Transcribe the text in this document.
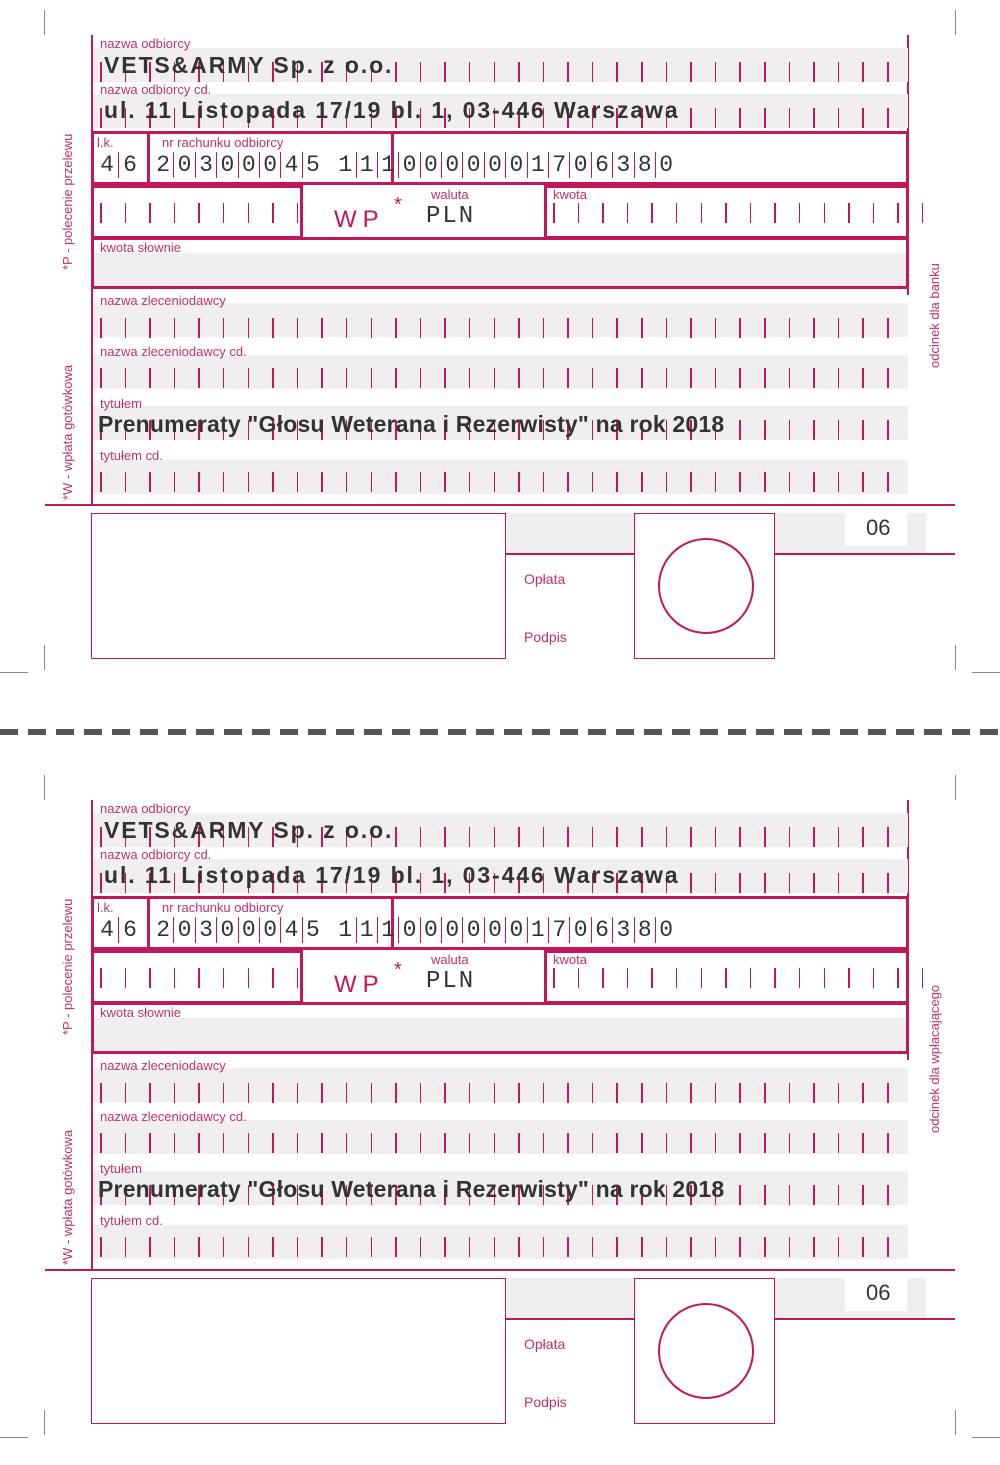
*P - polecenie przelewu
*W - wpłata gotówkowa
odcinek dla banku
nazwa odbiorcy
VETS&ARMY Sp. z o.o.
nazwa odbiorcy cd.
ul. 11 Listopada 17/19 bl. 1, 03-446 Warszawa
l.k.	nr rachunku odbiorcy
4 6 2 0 3 0 0 0 4 5 1 1 1 0 0 0 0 0 0 1 7 0 6 3 8 0
WP
* waluta
PLN
kwota
kwota słownie
nazwa zleceniodawcy
nazwa zleceniodawcy cd.
tytułem
Prenumeraty "Głosu Weterana i Rezerwisty" na rok 2018
tytułem cd.
06
Opłata
Podpis
*P - polecenie przelewu
*W - wpłata gotówkowa
odcinek dla wpłacającego
nazwa odbiorcy
VETS&ARMY Sp. z o.o.
nazwa odbiorcy cd.
ul. 11 Listopada 17/19 bl. 1, 03-446 Warszawa
l.k.	nr rachunku odbiorcy
4 6 2 0 3 0 0 0 4 5 1 1 1 0 0 0 0 0 0 1 7 0 6 3 8 0
WP
* waluta
PLN
kwota
kwota słownie
nazwa zleceniodawcy
nazwa zleceniodawcy cd.
tytułem
Prenumeraty "Głosu Weterana i Rezerwisty" na rok 2018
tytułem cd.
06
Opłata
Podpis
